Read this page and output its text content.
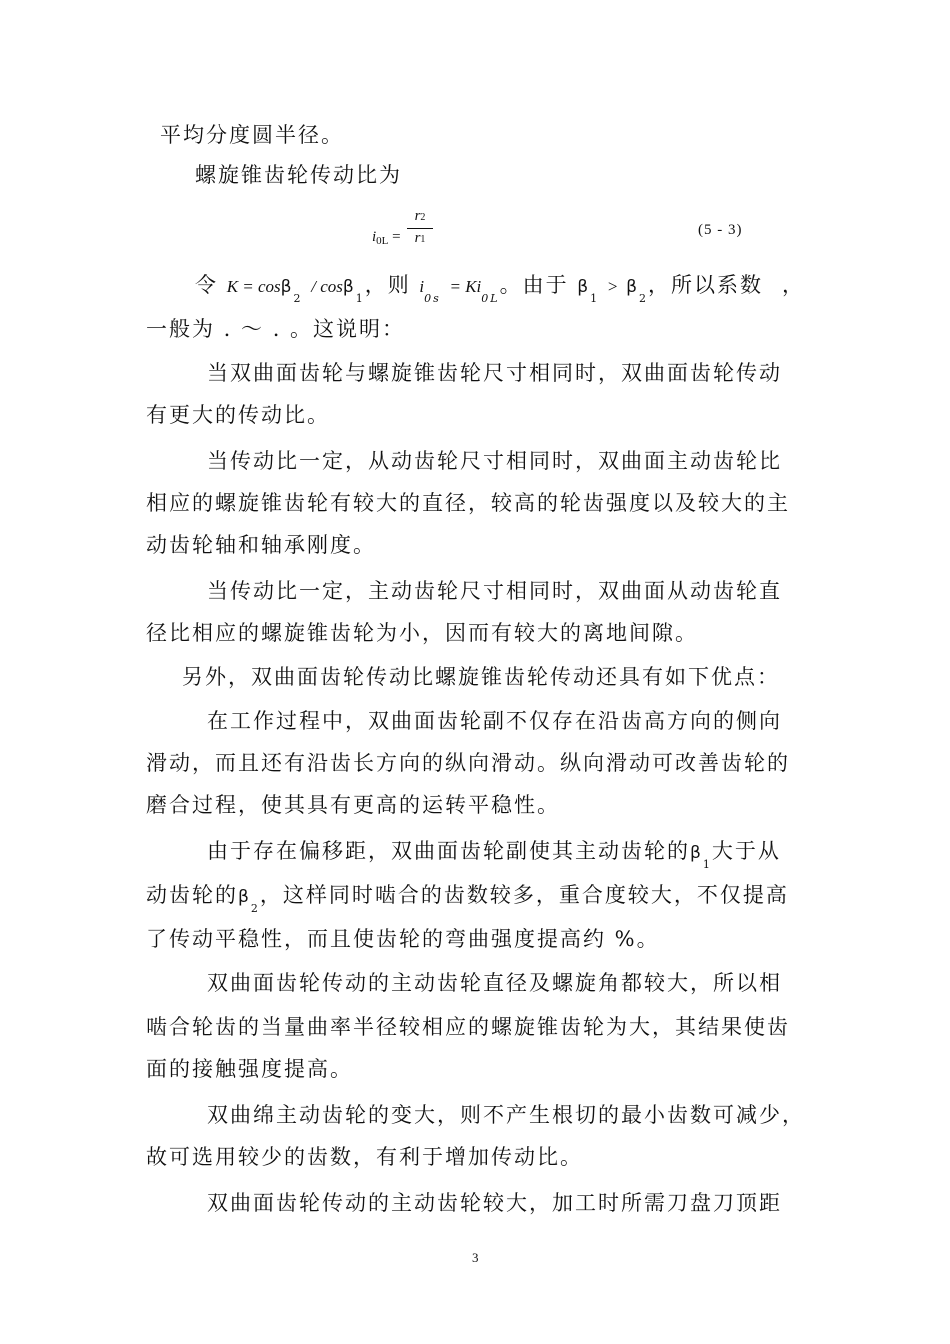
平均分度圆半径。
螺旋锥齿轮传动比为
$i_{0L}$ =
r2
r1
(5 - 3)
令 K = cosβ$_2$ / cosβ$_1$，则 $i_{0s} = Ki_{0L}$。由于 $\beta_1 > \beta_2$，所以系数 ，
一般为 . ～ . 。这说明：
当双曲面齿轮与螺旋锥齿轮尺寸相同时，双曲面齿轮传动
有更大的传动比。
当传动比一定，从动齿轮尺寸相同时，双曲面主动齿轮比
相应的螺旋锥齿轮有较大的直径，较高的轮齿强度以及较大的主
动齿轮轴和轴承刚度。
当传动比一定，主动齿轮尺寸相同时，双曲面从动齿轮直
径比相应的螺旋锥齿轮为小，因而有较大的离地间隙。
另外，双曲面齿轮传动比螺旋锥齿轮传动还具有如下优点：
在工作过程中，双曲面齿轮副不仅存在沿齿高方向的侧向
滑动，而且还有沿齿长方向的纵向滑动。纵向滑动可改善齿轮的
磨合过程，使其具有更高的运转平稳性。
由于存在偏移距，双曲面齿轮副使其主动齿轮的$\beta_1$大于从
动齿轮的$\beta_2$，这样同时啮合的齿数较多，重合度较大，不仅提高
了传动平稳性，而且使齿轮的弯曲强度提高约 %。
双曲面齿轮传动的主动齿轮直径及螺旋角都较大，所以相
啮合轮齿的当量曲率半径较相应的螺旋锥齿轮为大，其结果使齿
面的接触强度提高。
双曲绵主动齿轮的变大，则不产生根切的最小齿数可减少，
故可选用较少的齿数，有利于增加传动比。
双曲面齿轮传动的主动齿轮较大，加工时所需刀盘刀顶距
3
